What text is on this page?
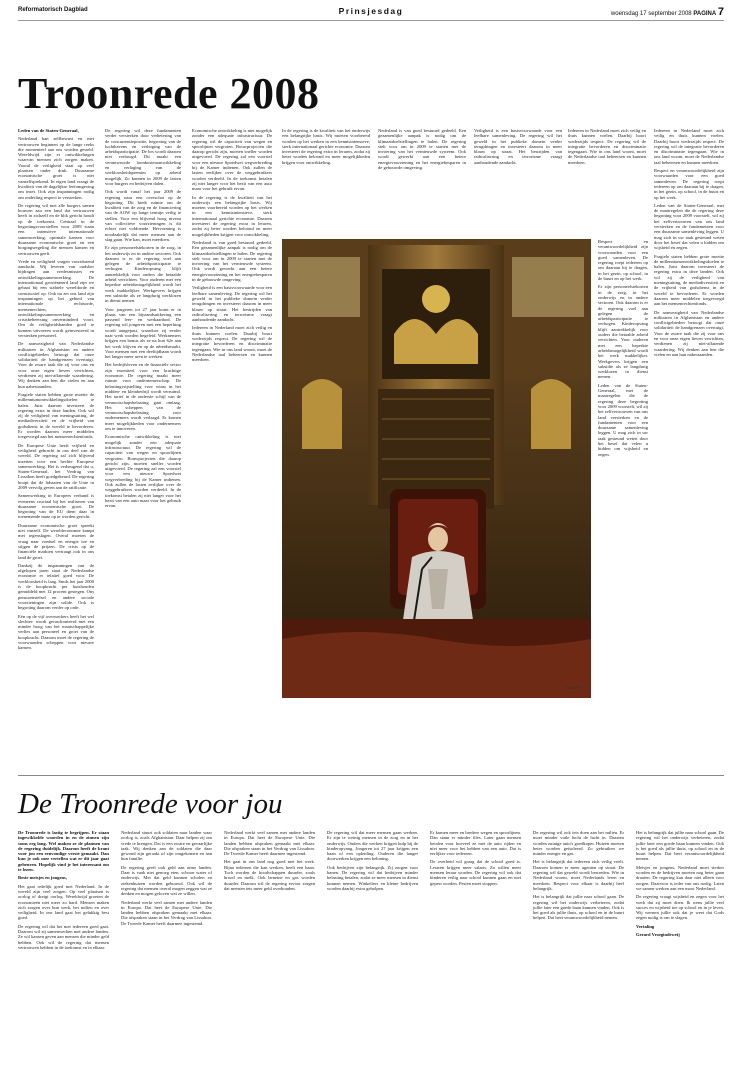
Reformatorisch Dagblad	Prinsjesdag	woensdag 17 september 2008 PAGINA 7
Troonrede 2008

Leden van de Staten-Generaal,

Nederland kan zelfbewust en met vertrouwen beginnen op de lange reeks die momenteel aan ons worden gesteld. Wereldwijd zijn er ontwikkelingen waarvan mensen zich zorgen maken. Vooral de veiligheid staat op veel plaatsen onder druk. Duurzame economische groei is niet vanzelfsprekend. In eigen land vraagt de kwaliteit van de dagelijkse leefomgeving om inzet. Ook zijn inspanningen nodig om onderling respect te versterken.

De regering wil met alle burgers samen bouwen aan een land dat vertrouwen heeft in zichzelf en de blik gericht houdt op de toekomst. Centraal in de begrotingsvoorstellen voor 2009 staan een intensieve internationale samenwerking, optimale kansen voor duurzame economische groei en een borgingsregeling die mensen kansen en vertrouwen geeft.

Vrede en veiligheid vragen voortdurend aandacht. Wij leveren van oudsher bijdragen aan vredesmissies en ontwikkelingssamenwerking. De internationaal georiënteerd land zijn we gebaat bij een stabiele wereldorde en constructief op. Ook nu zet ons land zijn inspanningen op het gebied van internationale rechtsorde, mensenrechten, ontwikkelingssamenwerking en crisisbeheersing onverminderd voort. Om de veiligheidsbanden goed te kunnen uitvoeren wordt geïnvesteerd in versterken personeel.

De aanwezigheid van Nederlandse militairen in Afghanistan en andere conflictgebieden betoogt dat onze solidariteit de handgrenzen overtuigt. Voor de zware taak die zij voor ons en voor onze eigen lieven verrichten, verdienen zij niet-aflatende waardering. Wij denken aan hen die vielen en aan hun nabestaanden.

Fragiele staten hebben grote moeite de millenniumontwikkelingsdoelen te halen. Juist daarom investeert de regering extra in deze landen. Ook wil zij de veiligheid van meningsuiting, de mediadiversiteit en de vrijheid van godsdienst in de wereld te bevorderen. Er worden daarom meer middelen toegevoegd aan het mensenrechtenfonds.

De Europese Unie heeft vrijheid en veiligheid gebracht in ons deel van de wereld. De regering zal zich blijvend inzetten voor een hechte Europese samenwerking. Het is verheugend dat u, Staten-Generaal, het Verdrag van Lissabon heeft goedgekeurd. De regering hoopt dat de lidstaten van de Unie in 2009 vervolg geven aan de ratificatie.

Samenwerking in Europees verband is eveneens cruciaal bij het realiseren van duurzame economische groei. De begroting van de EU dient daar in toenemende mate op te worden gericht.

Duurzame economische groei spreekt niet vanzelf. De wereldeconomie kampt met tegenslagen. Overal moeten de vraag naar voedsel en energie toe en stijgen de prijzen. De crisis op de financiële markten vertraagt ook in ons land de groei.

Dankzij de inspanningen van de afgelopen jaren staat de Nederlandse economie er relatief goed voor. De werkloosheid is laag. Sinds het jaar 2000 is de koopkracht per huishouden gemiddeld met 12 procent gestegen. Ons pensioenstelsel en andere sociale voorzieningen zijn solide. Ook is begroting daarom verder op orde.

Eén op de vijf overwerkers heeft het wel slechter: wordt geconfronteerd met een minder hoog van het maatschappelijke verlies aan personeel en groei van de koopkracht. Daarom moet de regering de voorwaarden scheppen voor nieuwe kansen.

De regering wil deze fundamenten verder versterken door verbetering van de concurrentiepositie, begroting van de luchthavens en verhoging van de arbeidsparticipatie. De brs wordt daarom niet verhoogd. Dit maakt een verantwoorde loonkostenontwikkeling en verlaging van de werkloosheidspremies op arbeid mogelijk. Zo kunnen in 2009 de lasten voor burgers en bedrijven dalen.

Ook wordt vanaf het jaar 2009 de regering naar een overschot op de begroting. Dit biedt ruimte om de kwaliteit van de zorg en de financiering van de AOW op lange termijn veilig te stellen. Voor een blijvend hoog niveau van collectieve voorzieningen is dit echter niet voldoende. Hervorming is noodzakelijk dat meer mensen aan de slag gaan. Wie kan, moet meedoen.

Er zijn personeelstekorten in de zorg, in het onderwijs en in andere sectoren. Ook daarom is er de regering voel aan gelegen de arbeidsparticipatie te verhogen. Kinderopvang blijft aantrekkelijk voor ouders die betaalde arbeid verrichten. Voor ouderen met een beperkte arbeidsmogelijkheid wordt het werk makkelijker. Werkgevers krijgen een subsidie als ze langdurig werklozen in dienst nemen.

Voor jongeren tot 27 jaar komt er in plaats van een bijstandsuitkering een passend leer- en werkaanbod. De regering wil jongeren met een beperking wordt aangepast, waardoor zij eerder naar werk worden begeleid. Werknemers krijgen een bonus als ze na hun 62e aan het werk blijven en op de arbeidsmarkt. Voor mensen met een deeltijdbaan wordt het langer meer uren te werken.

Het bedrijfsleven en de financiële sector zijn essentieel voor een krachtige economie. De regering maakt meer ruimte voor ondernemerschap. De belastingvrijstelling voor winst in het midden- en kleinbedrijf wordt verruimd. Het tarief in de onderste schijf van de vennootschapsbelasting gaat omlaag. Het scheppen van de vennootschapsbelasting voor ondernemers wordt verlaagd. Er komen meer mogelijkheden voor ondernemers om te innoveren.

Economische ontwikkeling is niet mogelijk zonder een adequate infrastructuur. De regering wil de capaciteit van wegen en spoorlijnen vergroten. Bouwprojecten die daarop gericht zijn, moeten sneller worden uitgevoerd. De regering zal een voorstel voor een nieuwe Spoedwet wegverbreding bij de Kamer indienen. Ook zullen de lasten eerlijker over de weggebruikers worden verdeeld. In de toekomst betalen zij niet langer voor het bezit van een auto maar voor het gebruik ervan.

Economische ontwikkeling is niet mogelijk zonder een adequate infrastructuur. De regering wil de capaciteit van wegen en spoorlijnen vergroten. Bouwprojecten die daarop gericht zijn, moeten sneller worden uitgevoerd. De regering zal een voorstel voor een nieuwe Spoedwet wegverbreding bij de Kamer indienen. Ook zullen de lasten eerlijker over de weggebruikers worden verdeeld. In de toekomst betalen zij niet langer voor het bezit van een auto maar voor het gebruik ervan.

In de regering is de kwaliteit van het onderwijs een belangrijke basis. Wij moeten voorbereid worden op het werken in een kennisintensieve, sterk internationaal gerichte economie. Daarom investeert de regering extra in leraren, zodat zij beter worden beloond en meer mogelijkheden krijgen voor ontwikkeling.

Nederland is van goed bestuurd gedeeld. Een gezamenlijke aanpak is nodig om de klimaatdoelstellingen te halen. De regering stelt voor om in 2009 te starten met de invoering van het vernieuwde systeem. Ook wordt gewerkt aan een betere energievoorziening en het energiebesparen in de gebouwde omgeving.

Veiligheid is een basisvoorwaarde voor een leefbare samenleving. De regering wil het geweld in het publieke domein verder terugdringen en investeert daarom in meer blauw op straat. Het bestrijden van radicalisering en terrorisme vraagt aanhoudende aandacht.

Iedereen in Nederland moet zich veilig en thuis kunnen voelen. Daarbij hoort wederzijds respect. De regering wil de integratie bevorderen en discriminatie tegengaan. Wie in ons land woont, moet de Nederlandse taal beheersen en kunnen meedoen.

In de regering is de kwaliteit van het onderwijs een belangrijke basis. Wij moeten voorbereid worden op het werken in een kennisintensieve, sterk internationaal gerichte economie. Daarom investeert de regering extra in leraren, zodat zij beter worden beloond en meer mogelijkheden krijgen voor ontwikkeling.

Nederland is van goed bestuurd gedeeld. Een gezamenlijke aanpak is nodig om de klimaatdoelstellingen te halen. De regering stelt voor om in 2009 te starten met de invoering van het vernieuwde systeem. Ook wordt gewerkt aan een betere energievoorziening en het energiebesparen in de gebouwde omgeving.

Veiligheid is een basisvoorwaarde voor een leefbare samenleving. De regering wil het geweld in het publieke domein verder terugdringen en investeert daarom in meer blauw op straat. Het bestrijden van radicalisering en terrorisme vraagt aanhoudende aandacht.

Iedereen in Nederland moet zich veilig en thuis kunnen voelen. Daarbij hoort wederzijds respect. De regering wil de integratie bevorderen en discriminatie tegengaan. Wie in ons land woont, moet de Nederlandse taal beheersen en kunnen meedoen.

Iedereen in Nederland moet zich veilig en thuis kunnen voelen. Daarbij hoort wederzijds respect. De regering wil de integratie bevorderen en discriminatie tegengaan. Wie in ons land woont, moet de Nederlandse taal beheersen en kunnen meedoen.

Respect en verantwoordelijkheid zijn voorwaarden voor een goed samenleven. De regering roept iedereen op om daaraan bij te dragen, in het gezin, op school, in de buurt en op het werk.

Leden van de Staten-Generaal, met de maatregelen die de regering deze begroting voor 2009 voorstelt, wil zij het zelfvertrouwen van ons land versterken en de fundamenten voor een duurzame samenleving leggen. U mag zich in uw taak gesteund weten door het besef dat velen u bidden om wijsheid en zegen.

Fragiele staten hebben grote moeite de millenniumontwikkelingsdoelen te halen. Juist daarom investeert de regering extra in deze landen. Ook wil zij de veiligheid van meningsuiting, de mediadiversiteit en de vrijheid van godsdienst in de wereld te bevorderen. Er worden daarom meer middelen toegevoegd aan het mensenrechtenfonds.

De aanwezigheid van Nederlandse militairen in Afghanistan en andere conflictgebieden betoogt dat onze solidariteit de handgrenzen overtuigt. Voor de zware taak die zij voor ons en voor onze eigen lieven verrichten, verdienen zij niet-aflatende waardering. Wij denken aan hen die vielen en aan hun nabestaanden.

Respect en verantwoordelijkheid zijn voorwaarden voor een goed samenleven. De regering roept iedereen op om daaraan bij te dragen, in het gezin, op school, in de buurt en op het werk.

Er zijn personeelstekorten in de zorg, in het onderwijs en in andere sectoren. Ook daarom is er de regering voel aan gelegen de arbeidsparticipatie te verhogen. Kinderopvang blijft aantrekkelijk voor ouders die betaalde arbeid verrichten. Voor ouderen met een beperkte arbeidsmogelijkheid wordt het werk makkelijker. Werkgevers krijgen een subsidie als ze langdurig werklozen in dienst nemen.

Leden van de Staten-Generaal, met de maatregelen die de regering deze begroting voor 2009 voorstelt, wil zij het zelfvertrouwen van ons land versterken en de fundamenten voor een duurzame samenleving leggen. U mag zich in uw taak gesteund weten door het besef dat velen u bidden om wijsheid en zegen.

Foto ANP
De Troonrede voor jou

De Troonrede is lastig te begrijpen. Er staan ingewikkelde woorden in en de zinnen zijn soms erg lang. Wel maken ze de plannen van de regering duidelijk. Daarom heeft de krant voor jou een eenvoudige versie gemaakt. Dan kun je ook mee vertellen wat er dit jaar gaat gebeuren. Hopelijk vind je het interessant om te lezen.

Beste meisjes en jongens,

Het gaat redelijk goed met Nederland. In de wereld zijn veel zorgen. Op veel plaatsen is oorlog of dreigt oorlog. Wereldwijd groeien de economieën niet meer zo hard. Mensen maken zich zorgen over hun werk, het milieu en over veiligheid. In ons land gaat het gelukkig best goed.

De regering wil dat het met iedereen goed gaat. Daarom wil zij samenwerken met andere landen. Ze wil kansen geven aan mensen die minder geld hebben. Ook wil de regering dat mensen vertrouwen hebben in de toekomst en in elkaar.

Nederland stuurt ook soldaten naar landen waar oorlog is, zoals Afghanistan. Daar helpen zij om vrede te brengen. Dat is een zware en gevaarlijke taak. Wij denken aan de soldaten die daar gewond zijn geraakt of zijn omgekomen en aan hun familie.

De regering geeft ook geld aan arme landen. Daar is vaak niet genoeg eten, schoon water of onderwijs. Met dat geld kunnen scholen en ziekenhuizen worden gebouwd. Ook wil de regering dat mensen overal mogen zeggen wat ze denken en mogen geloven wat ze willen.

Nederland werkt veel samen met andere landen in Europa. Dat heet de Europese Unie. Die landen hebben afspraken gemaakt met elkaar. Die afspraken staan in het Verdrag van Lissabon. De Tweede Kamer heeft daarmee ingestemd.

Nederland werkt veel samen met andere landen in Europa. Dat heet de Europese Unie. Die landen hebben afspraken gemaakt met elkaar. Die afspraken staan in het Verdrag van Lissabon. De Tweede Kamer heeft daarmee ingestemd.

Het gaat in ons land nog goed met het werk. Bijna iedereen die kan werken, heeft een baan. Toch worden de boodschappen duurder, zoals brood en melk. Ook benzine en gas worden duurder. Daarom wil de regering ervoor zorgen dat mensen iets meer geld overhouden.

De regering wil dat meer mensen gaan werken. Er zijn te weinig mensen in de zorg en in het onderwijs. Ouders die werken krijgen hulp bij de kinderopvang. Jongeren tot 27 jaar krijgen een baan of een opleiding. Ouderen die langer doorwerken krijgen een beloning.

Ook bedrijven zijn belangrijk. Zij zorgen voor banen. De regering wil dat bedrijven minder belasting betalen, zodat ze meer mensen in dienst kunnen nemen. Winkeliers en kleine bedrijven worden daarbij extra geholpen.

Er komen meer en bredere wegen en spoorlijnen. Dan staan er minder files. Later gaan mensen betalen voor hoeveel ze met de auto rijden en niet meer voor het hebben van een auto. Dat is eerlijker voor iedereen.

De overheid wil graag dat de school goed is. Leraren krijgen meer salaris. Zo willen meer mensen leraar worden. De regering wil ook dat kinderen veilig naar school kunnen gaan en niet gepest worden. Pesten moet stoppen.

De regering wil ook iets doen aan het milieu. Er moet minder vuile lucht de lucht in. Daarom worden zuinige auto's goedkoper. Huizen moeten beter worden geïsoleerd. Zo gebruiken we minder energie en gas.

Het is belangrijk dat iedereen zich veilig voelt. Daarom komen er meer agenten op straat. De regering wil dat geweld wordt bestreden. Wie in Nederland woont, moet Nederlands leren en meedoen. Respect voor elkaar is daarbij heel belangrijk.

Het is belangrijk dat jullie naar school gaan. De regering wil het onderwijs verbeteren, zodat jullie later een goede baan kunnen vinden. Ook is het goed als jullie thuis, op school en in de buurt helpen. Dat heet verantwoordelijkheid nemen.

Het is belangrijk dat jullie naar school gaan. De regering wil het onderwijs verbeteren, zodat jullie later een goede baan kunnen vinden. Ook is het goed als jullie thuis, op school en in de buurt helpen. Dat heet verantwoordelijkheid nemen.

Meisjes en jongens, Nederland moet sterker worden en de bedrijven moeten nog beter gaan draaien. De regering kan daar niet alleen voor zorgen. Daarvoor is ieder van ons nodig. Laten we samen werken aan een mooi Nederland.

De regering vraagt wijsheid en zegen voor het werk dat zij moet doen. Ik wens jullie veel succes en wijsheid toe op school en in je leven. Wij wensen jullie ook dat je weet dat Gods zegen nodig is om te slagen.

Vertaling

Gerard Vroegindeweij
